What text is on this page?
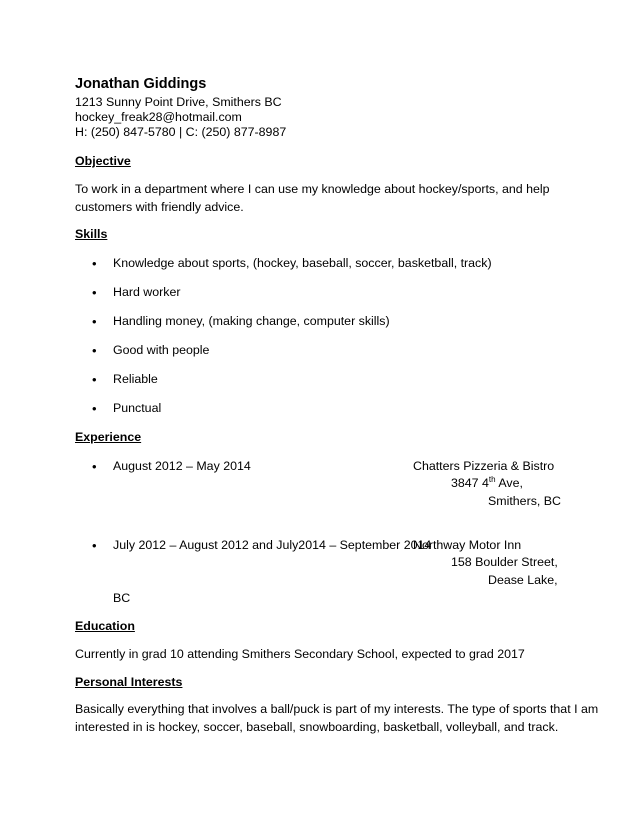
Jonathan Giddings
1213 Sunny Point Drive, Smithers BC
hockey_freak28@hotmail.com
H: (250) 847-5780 | C: (250) 877-8987
Objective
To work in a department where I can use my knowledge about hockey/sports, and help
customers with friendly advice.
Skills
• Knowledge about sports, (hockey, baseball, soccer, basketball, track)
• Hard worker
• Handling money, (making change, computer skills)
• Good with people
• Reliable
• Punctual
Experience
• August 2012 – May 2014	Chatters Pizzeria & Bistro
3847 4th Ave,
Smithers, BC
• July 2012 – August 2012 and July2014 – September 2014
Northway Motor Inn
158 Boulder Street,
Dease Lake,
BC
Education
Currently in grad 10 attending Smithers Secondary School, expected to grad 2017
Personal Interests
Basically everything that involves a ball/puck is part of my interests. The type of sports that I am
interested in is hockey, soccer, baseball, snowboarding, basketball, volleyball, and track.
